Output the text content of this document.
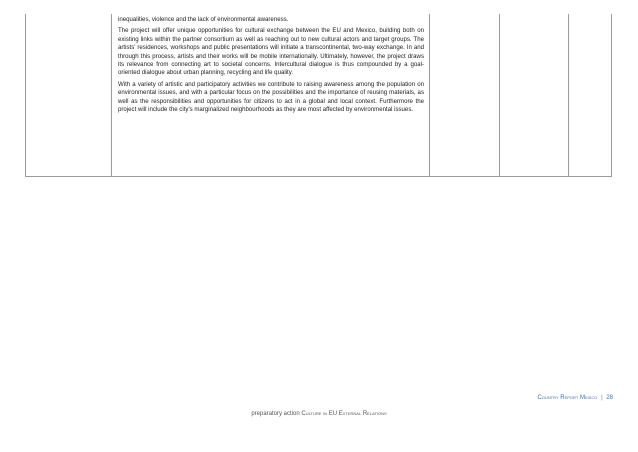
inequalities, violence and the lack of environmental awareness.

The project will offer unique opportunities for cultural exchange between the EU and Mexico, building both on existing links within the partner consortium as well as reaching out to new cultural actors and target groups. The artists' residences, workshops and public presentations will initiate a transcontinental, two-way exchange. In and through this process, artists and their works will be mobile internationally. Ultimately, however, the project draws its relevance from connecting art to societal concerns. Intercultural dialogue is thus compounded by a goal-oriented dialogue about urban planning, recycling and life quality.

With a variety of artistic and participatory activities we contribute to raising awareness among the population on environmental issues, and with a particular focus on the possibilities and the importance of reusing materials, as well as the responsibilities and opportunities for citizens to act in a global and local context. Furthermore the project will include the city's marginalized neighbourhoods as they are most affected by environmental issues.

Country Report Mexico | 28
preparatory action Culture in EU External Relations
